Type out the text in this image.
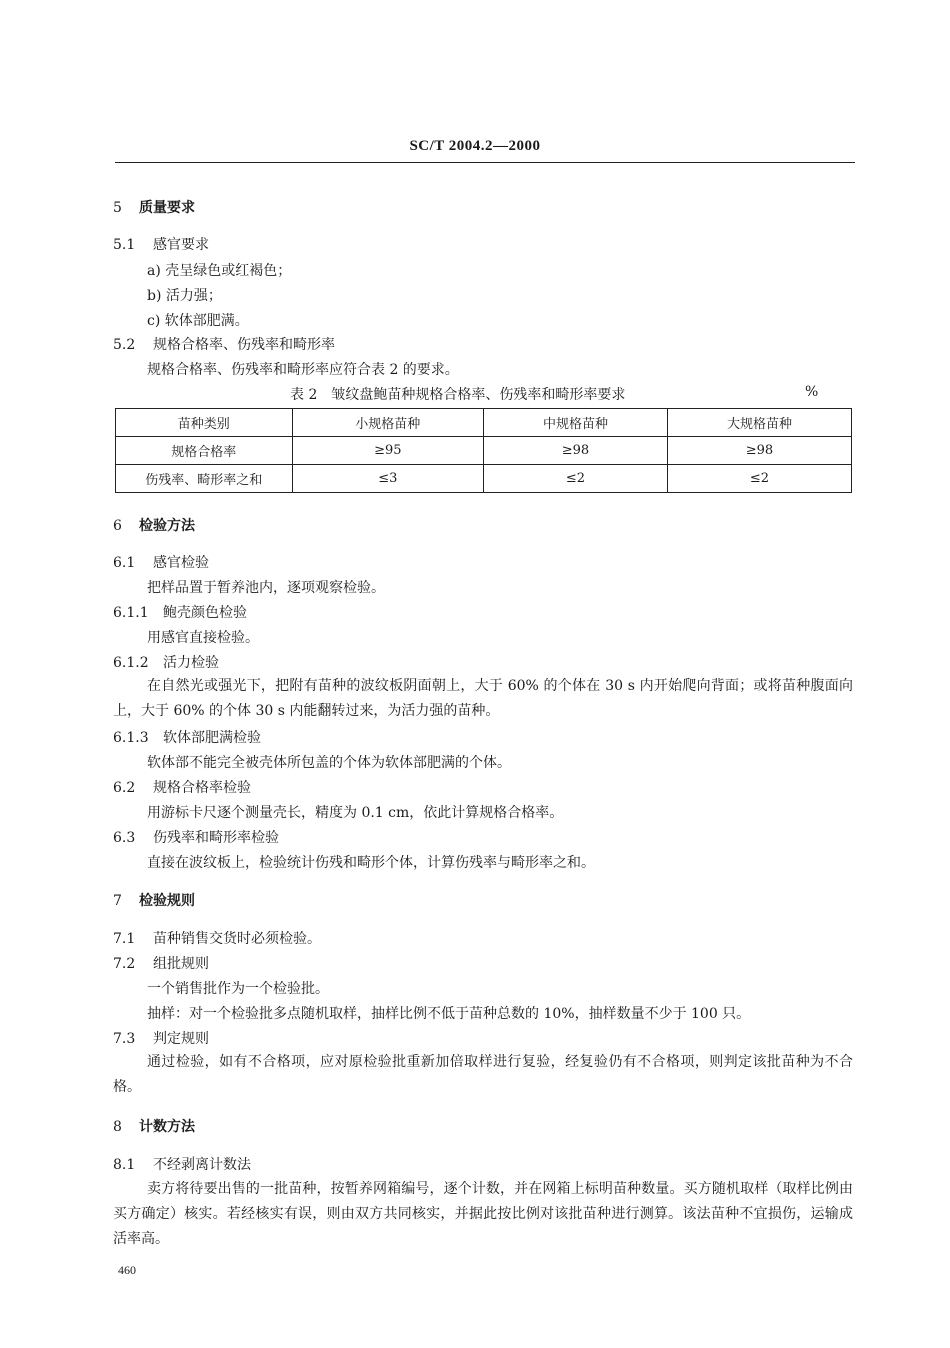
SC/T 2004.2—2000
5 质量要求
5.1 感官要求
a) 壳呈绿色或红褐色；
b) 活力强；
c) 软体部肥满。
5.2 规格合格率、伤残率和畸形率
规格合格率、伤残率和畸形率应符合表 2 的要求。
表 2　皱纹盘鲍苗种规格合格率、伤残率和畸形率要求	%
苗种类别	小规格苗种	中规格苗种	大规格苗种
规格合格率	≥95	≥98	≥98
伤残率、畸形率之和	≤3	≤2	≤2
6 检验方法
6.1 感官检验
把样品置于暂养池内，逐项观察检验。
6.1.1 鲍壳颜色检验
用感官直接检验。
6.1.2 活力检验
在自然光或强光下，把附有苗种的波纹板阴面朝上，大于 60% 的个体在 30 s 内开始爬向背面；或将苗种腹面向上，大于 60% 的个体 30 s 内能翻转过来，为活力强的苗种。
6.1.3 软体部肥满检验
软体部不能完全被壳体所包盖的个体为软体部肥满的个体。
6.2 规格合格率检验
用游标卡尺逐个测量壳长，精度为 0.1 cm，依此计算规格合格率。
6.3 伤残率和畸形率检验
直接在波纹板上，检验统计伤残和畸形个体，计算伤残率与畸形率之和。
7 检验规则
7.1 苗种销售交货时必须检验。
7.2 组批规则
一个销售批作为一个检验批。
抽样：对一个检验批多点随机取样，抽样比例不低于苗种总数的 10%，抽样数量不少于 100 只。
7.3 判定规则
通过检验，如有不合格项，应对原检验批重新加倍取样进行复验，经复验仍有不合格项，则判定该批苗种为不合格。
8 计数方法
8.1 不经剥离计数法
卖方将待要出售的一批苗种，按暂养网箱编号，逐个计数，并在网箱上标明苗种数量。买方随机取样（取样比例由买方确定）核实。若经核实有误，则由双方共同核实，并据此按比例对该批苗种进行测算。该法苗种不宜损伤，运输成活率高。
460
